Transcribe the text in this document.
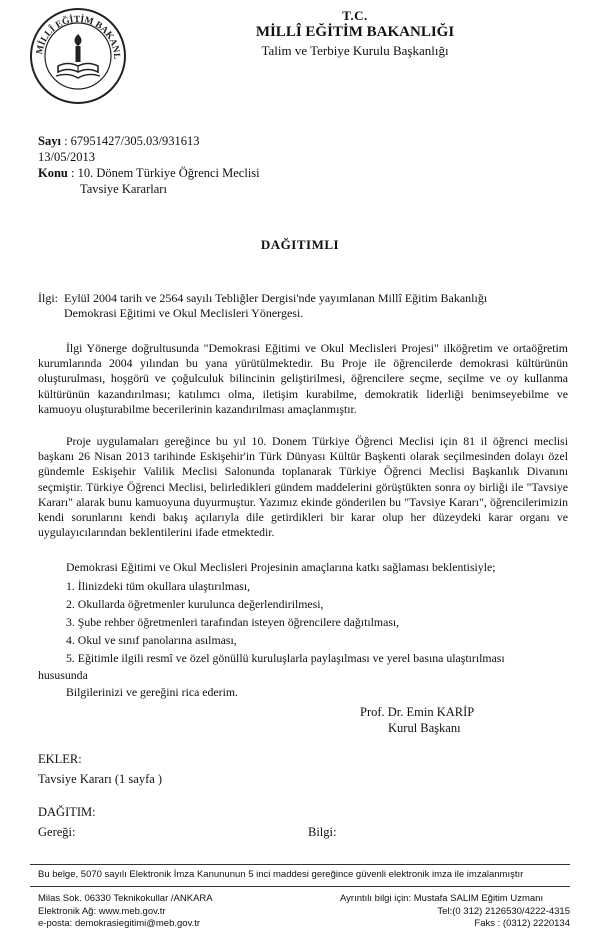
MİLLÎ EĞİTİM BAKANL
T.C.
MİLLÎ EĞİTİM BAKANLIĞI
Talim ve Terbiye Kurulu Başkanlığı
Sayı : 67951427/305.03/931613
13/05/2013
Konu : 10. Dönem Türkiye Öğrenci Meclisi
Tavsiye Kararları
DAĞITIMLI
İlgi: Eylül 2004 tarih ve 2564 sayılı Tebliğler Dergisi'nde yayımlanan Millî Eğitim Bakanlığı
Demokrasi Eğitimi ve Okul Meclisleri Yönergesi.

İlgi Yönerge doğrultusunda "Demokrasi Eğitimi ve Okul Meclisleri Projesi" ilköğretim ve ortaöğretim kurumlarında 2004 yılından bu yana yürütülmektedir. Bu Proje ile öğrencilerde demokrasi kültürünün oluşturulması, hoşgörü ve çoğulculuk bilincinin geliştirilmesi, öğrencilere seçme, seçilme ve oy kullanma kültürünün kazandırılması; katılımcı olma, iletişim kurabilme, demokratik liderliği benimseyebilme ve kamuoyu oluşturabilme becerilerinin kazandırılması amaçlanmıştır.

Proje uygulamaları gereğince bu yıl 10. Donem Türkiye Öğrenci Meclisi için 81 il öğrenci meclisi başkanı 26 Nisan 2013 tarihinde Eskişehir'in Türk Dünyası Kültür Başkenti olarak seçilmesinden dolayı özel gündemle Eskişehir Valilik Meclisi Salonunda toplanarak Türkiye Öğrenci Meclisi Başkanlık Divanını seçmiştir. Türkiye Öğrenci Meclisi, belirledikleri gündem maddelerini görüştükten sonra oy birliği ile "Tavsiye Kararı" alarak bunu kamuoyuna duyurmuştur. Yazımız ekinde gönderilen bu "Tavsiye Kararı", öğrencilerimizin kendi sorunlarını kendi bakış açılarıyla dile getirdikleri bir karar olup her düzeydeki karar organı ve uygulayıcılarından beklentilerini ifade etmektedir.

Demokrasi Eğitimi ve Okul Meclisleri Projesinin amaçlarına katkı sağlaması beklentisiyle;

1. İlinizdeki tüm okullara ulaştırılması,
2. Okullarda öğretmenler kurulunca değerlendirilmesi,
3. Şube rehber öğretmenleri tarafından isteyen öğrencilere dağıtılması,
4. Okul ve sınıf panolarına asılması,
5. Eğitimle ilgili resmî ve özel gönüllü kuruluşlarla paylaşılması ve yerel basına ulaştırılması
hususunda
Bilgilerinizi ve gereğini rica ederim.
Prof. Dr. Emin KARİP
Kurul Başkanı
EKLER:
Tavsiye Kararı (1 sayfa )
DAĞITIM:
Gereği:	Bilgi:
Bu belge, 5070 sayılı Elektronik İmza Kanununun 5 inci maddesi gereğince güvenli elektronik imza ile imzalanmıştır
Milas Sok. 06330 Teknikokullar /ANKARA
Elektronik Ağ: www.meb.gov.tr
e-posta: demokrasiegitimi@meb.gov.tr
Ayrıntılı bilgi için: Mustafa SALIM Eğitim Uzmanı
Tel:(0 312) 2126530/4222-4315
Faks : (0312) 2220134
